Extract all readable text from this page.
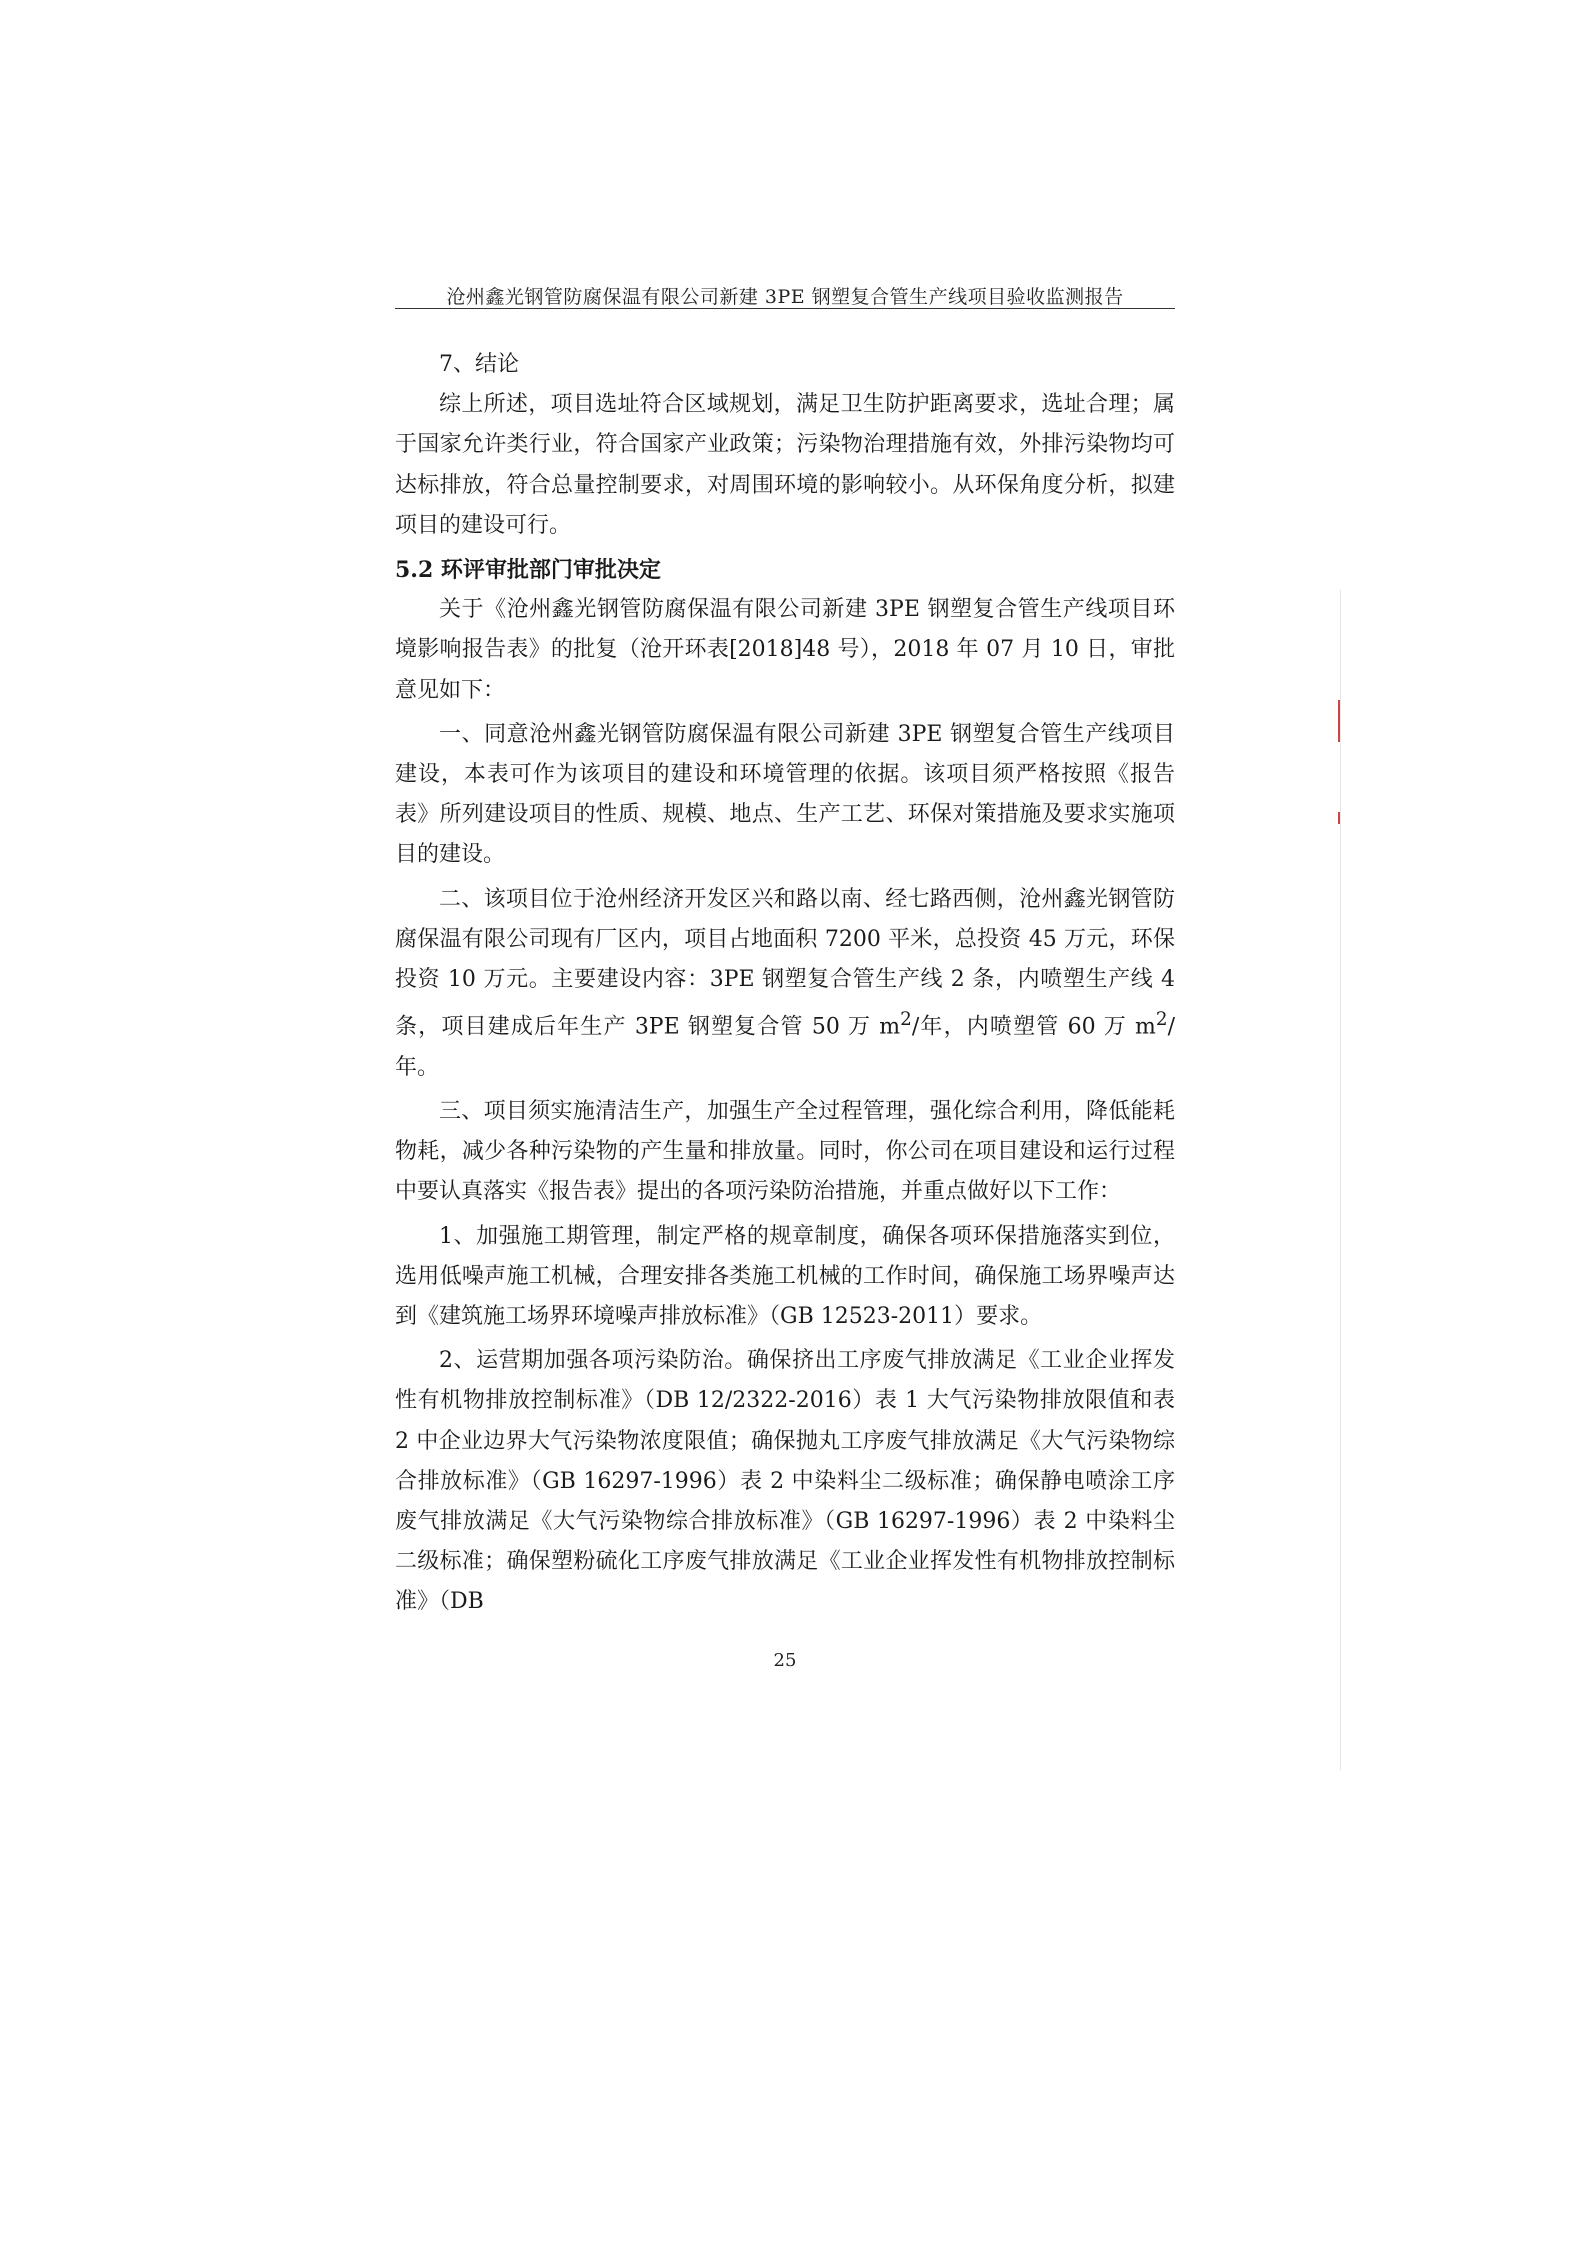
沧州鑫光钢管防腐保温有限公司新建 3PE 钢塑复合管生产线项目验收监测报告

7、结论

综上所述，项目选址符合区域规划，满足卫生防护距离要求，选址合理；属于国家允许类行业，符合国家产业政策；污染物治理措施有效，外排污染物均可达标排放，符合总量控制要求，对周围环境的影响较小。从环保角度分析，拟建项目的建设可行。

5.2 环评审批部门审批决定

关于《沧州鑫光钢管防腐保温有限公司新建 3PE 钢塑复合管生产线项目环境影响报告表》的批复（沧开环表[2018]48 号），2018 年 07 月 10 日，审批意见如下：

一、同意沧州鑫光钢管防腐保温有限公司新建 3PE 钢塑复合管生产线项目建设，本表可作为该项目的建设和环境管理的依据。该项目须严格按照《报告表》所列建设项目的性质、规模、地点、生产工艺、环保对策措施及要求实施项目的建设。

二、该项目位于沧州经济开发区兴和路以南、经七路西侧，沧州鑫光钢管防腐保温有限公司现有厂区内，项目占地面积 7200 平米，总投资 45 万元，环保投资 10 万元。主要建设内容：3PE 钢塑复合管生产线 2 条，内喷塑生产线 4 条，项目建成后年生产 3PE 钢塑复合管 50 万 $m^2/$年，内喷塑管 60 万 $m^2/$年。

三、项目须实施清洁生产，加强生产全过程管理，强化综合利用，降低能耗物耗，减少各种污染物的产生量和排放量。同时，你公司在项目建设和运行过程中要认真落实《报告表》提出的各项污染防治措施，并重点做好以下工作：

1、加强施工期管理，制定严格的规章制度，确保各项环保措施落实到位，选用低噪声施工机械，合理安排各类施工机械的工作时间，确保施工场界噪声达到《建筑施工场界环境噪声排放标准》（GB 12523-2011）要求。

2、运营期加强各项污染防治。确保挤出工序废气排放满足《工业企业挥发性有机物排放控制标准》（DB 12/2322-2016）表 1 大气污染物排放限值和表 2 中企业边界大气污染物浓度限值；确保抛丸工序废气排放满足《大气污染物综合排放标准》（GB 16297-1996）表 2 中染料尘二级标准；确保静电喷涂工序废气排放满足《大气污染物综合排放标准》（GB 16297-1996）表 2 中染料尘二级标准；确保塑粉硫化工序废气排放满足《工业企业挥发性有机物排放控制标准》（DB

25
